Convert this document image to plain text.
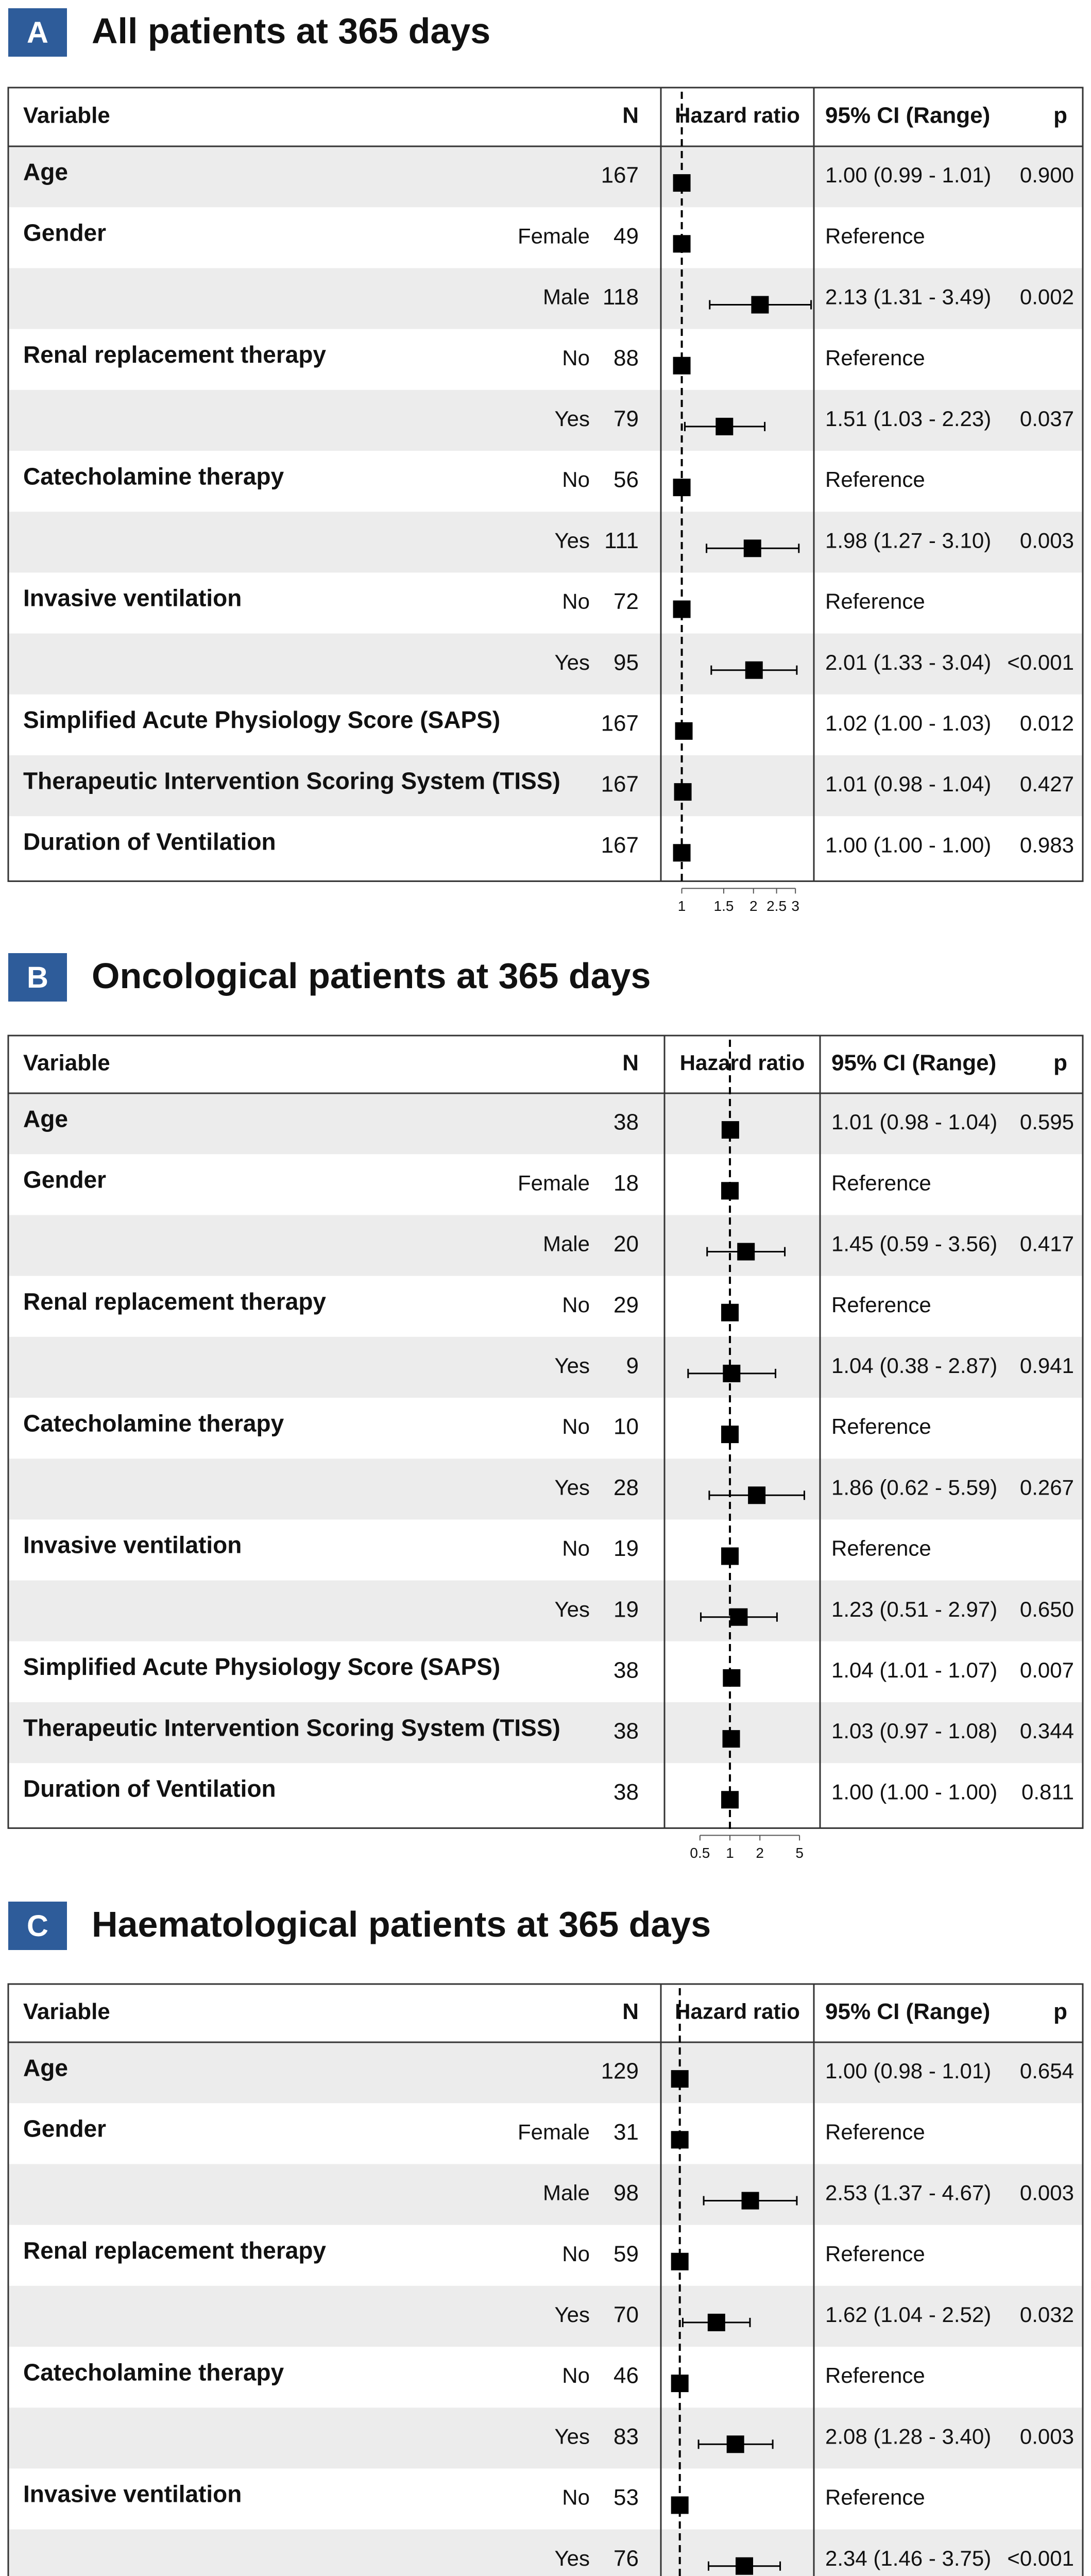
A	All patients at 365 days
Variable	N Hazard ratio 95% CI (Range)	p
Age	167	1.00 (0.99 - 1.01) 0.900
Gender	Female 49	Reference
Male 118	2.13 (1.31 - 3.49) 0.002
Renal replacement therapy	No 88	Reference
Yes 79	1.51 (1.03 - 2.23) 0.037
Catecholamine therapy	No 56	Reference
Yes 111	1.98 (1.27 - 3.10) 0.003
Invasive ventilation	No 72	Reference
Yes 95	2.01 (1.33 - 3.04) <0.001
Simplified Acute Physiology Score (SAPS)	167	1.02 (1.00 - 1.03) 0.012
Therapeutic Intervention Scoring System (TISS) 167	1.01 (0.98 - 1.04) 0.427
Duration of Ventilation	167	1.00 (1.00 - 1.00) 0.983
1 1.5 2 2.5 3
B	Oncological patients at 365 days
Variable	N Hazard ratio 95% CI (Range)	p
Age	38	1.01 (0.98 - 1.04) 0.595
Gender	Female 18	Reference
Male 20	1.45 (0.59 - 3.56) 0.417
Renal replacement therapy	No 29	Reference
Yes 9	1.04 (0.38 - 2.87) 0.941
Catecholamine therapy	No 10	Reference
Yes 28	1.86 (0.62 - 5.59) 0.267
Invasive ventilation	No 19	Reference
Yes 19	1.23 (0.51 - 2.97) 0.650
Simplified Acute Physiology Score (SAPS)	38	1.04 (1.01 - 1.07) 0.007
Therapeutic Intervention Scoring System (TISS) 38	1.03 (0.97 - 1.08) 0.344
Duration of Ventilation	38	1.00 (1.00 - 1.00) 0.811
0.5 1 2 5
C	Haematological patients at 365 days
Variable	N Hazard ratio 95% CI (Range)	p
Age	129	1.00 (0.98 - 1.01) 0.654
Gender	Female 31	Reference
Male 98	2.53 (1.37 - 4.67) 0.003
Renal replacement therapy	No 59	Reference
Yes 70	1.62 (1.04 - 2.52) 0.032
Catecholamine therapy	No 46	Reference
Yes 83	2.08 (1.28 - 3.40) 0.003
Invasive ventilation	No 53	Reference
Yes 76	2.34 (1.46 - 3.75) <0.001
